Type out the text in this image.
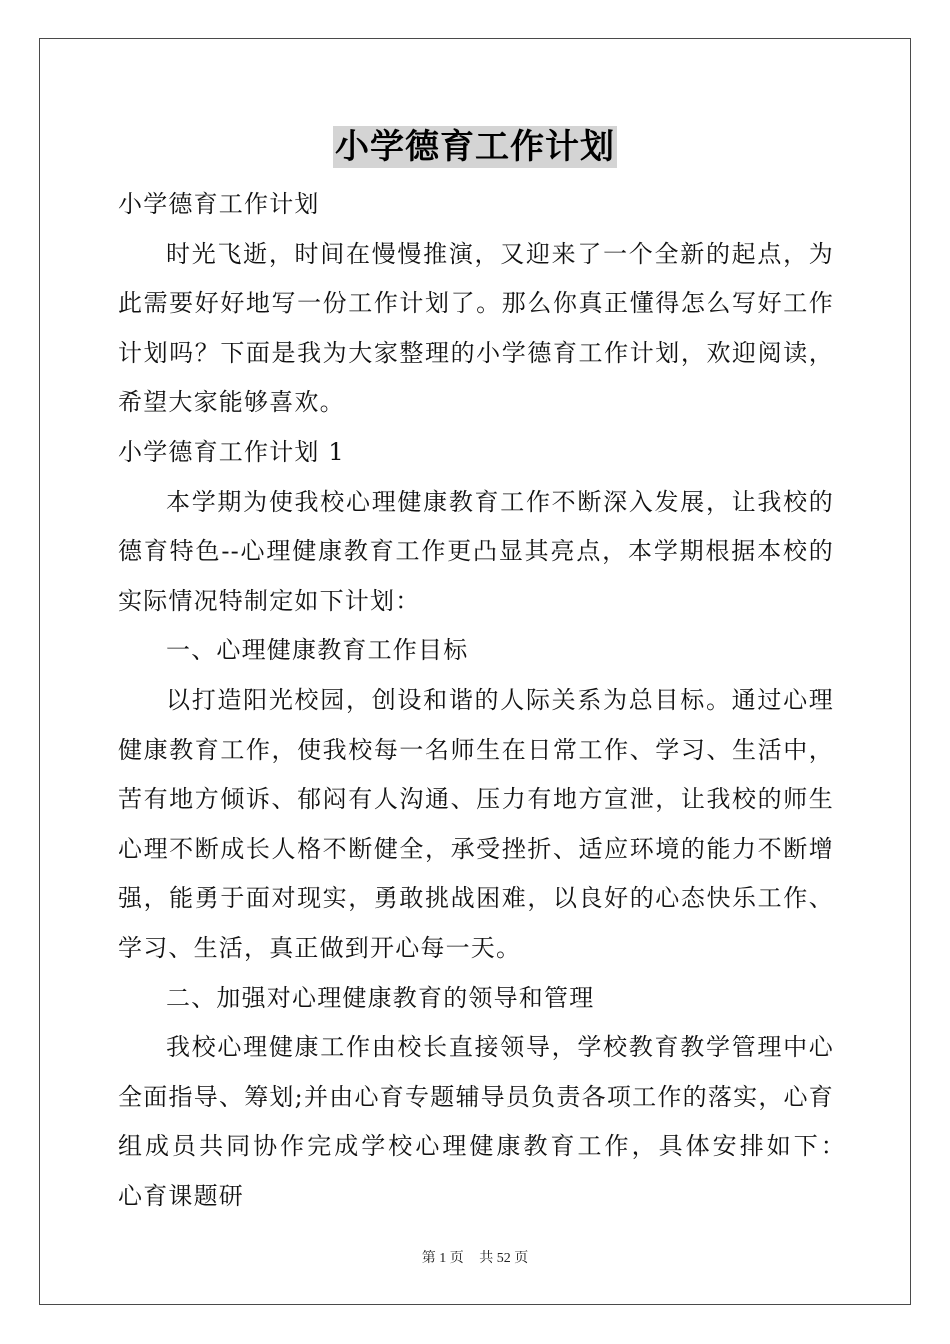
小学德育工作计划

小学德育工作计划

时光飞逝，时间在慢慢推演，又迎来了一个全新的起点，为此需要好好地写一份工作计划了。那么你真正懂得怎么写好工作计划吗？下面是我为大家整理的小学德育工作计划，欢迎阅读，希望大家能够喜欢。

小学德育工作计划 1

本学期为使我校心理健康教育工作不断深入发展，让我校的德育特色--心理健康教育工作更凸显其亮点，本学期根据本校的实际情况特制定如下计划：

一、心理健康教育工作目标

以打造阳光校园，创设和谐的人际关系为总目标。通过心理健康教育工作，使我校每一名师生在日常工作、学习、生活中，苦有地方倾诉、郁闷有人沟通、压力有地方宣泄，让我校的师生心理不断成长人格不断健全，承受挫折、适应环境的能力不断增强，能勇于面对现实，勇敢挑战困难，以良好的心态快乐工作、学习、生活，真正做到开心每一天。

二、加强对心理健康教育的领导和管理

我校心理健康工作由校长直接领导，学校教育教学管理中心全面指导、筹划;并由心育专题辅导员负责各项工作的落实，心育组成员共同协作完成学校心理健康教育工作，具体安排如下：　心育课题研

第 1 页 共 52 页
